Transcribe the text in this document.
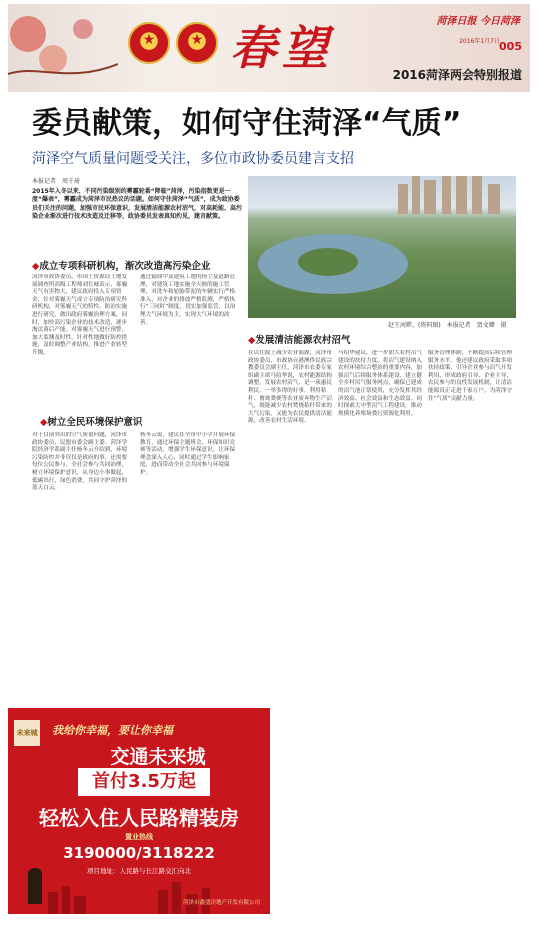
★	★ 春望	菏泽日报 今日菏泽
2016年1月7日 005
2016菏泽两会特别报道
委员献策，如何守住菏泽“气质”
菏泽空气质量问题受关注，多位市政协委员建言支招
本报记者　周千琦
2015年入冬以来，不同污染级别的雾霾轮番“降临”菏泽，污染指数更是一度“爆表”，雾霾成为菏泽市民热议的话题。如何守住菏泽“气质”，成为政协委员们关注的问题，加强市民环保意识，发展清洁能源农村沼气，对高耗能、高污染企业渐次进行技术改造及迁移等，政协委员发表真知灼见，建言献策。
赵王河畔。(资料图)　本报记者　贾文卿　摄
◆成立专项科研机构，渐次改造高污染企业
菏泽市政协委员、市国土资源局土地发展调查所高级工程师刘长城表示，雾霾天气有害物大，建议政府投入专项资金，针对雾霾天气成立专项防治研究科研机构，对雾霾天气的特性、防治实施进行研究，做出政府雾霾治理方案，同时，加快高污染企业的技术改造，逐步淘汰落后产能。对雾霾天气进行预警，加大监测及时性，针对性地做好防控措施，及时调整产业结构，推进产业转型升级。
通过输油中及建筑工地的扬尘及道路管理，对建筑工地实施全天候的施工管理，对洗车和轮胎带泥的车辆实行严格准入，对企业的排放严格监测，严格执行“三同时”制度，切实加强监管，以治理大气环境为主，实现大气环境的改善。
◆树立全民环境保护意识
对于目前突出的空气质量问题，菏泽市政协委员、民盟市委会副主委、菏泽学院经济学系副主任杨冬云介绍到，环境污染防控并非仅仅是政府的事，还需要每位公民参与。全社会参与共同治理，树立环境保护意识，从身边小事做起，低碳出行，绿色消费，共同守护菏泽的蓝天白云。
杨冬云说，建议在全市中小学开展环保教育，通过环保主题班会、环保知识竞赛等活动，增强学生环保意识，让环保理念深入人心，同时通过学生影响家庭，进而带动全社会共同参与环境保护。
◆发展清洁能源农村沼气
在以往源上减少农业面源，菏泽市政协委员、市政协台港澳侨民族宗教委员会副主任，菏泽市农委专家组副主席马绍华说，农村能源结构调整，发展农村沼气，是一项惠民利民、一举多得的好事。利用秸秆、畜禽粪便等农业废弃物生产沼气，既能减少农村焚烧秸秆带来的大气污染，又能为农民提供清洁能源，改善农村生活环境。
马绍华建议，进一步加大农村沼气建设的扶持力度，将沼气建设纳入农村环境综合整治的重要内容，加强沼气后续服务体系建设，建立健全乡村沼气服务网点，确保已建成的沼气池正常使用，充分发挥其经济效益、社会效益和生态效益。同时探索大中型沼气工程建设，推动规模化养殖场粪污资源化利用。
服务管理体制，不断提高后续管理服务水平。他还建议政府采取多项扶持政策，引导企业参与沼气开发利用，形成政府引导、企业主导、农民参与的良性发展机制，让清洁能源真正走进千家万户，为菏泽守住“气质”贡献力量。
未来城 我给你幸福，要让你幸福
交通未来城
首付3.5万起
轻松入住人民路精装房
置业热线
3190000/3118222
项目地址：人民路与长江路交汇向北
菏泽市鑫盛房地产开发有限公司
